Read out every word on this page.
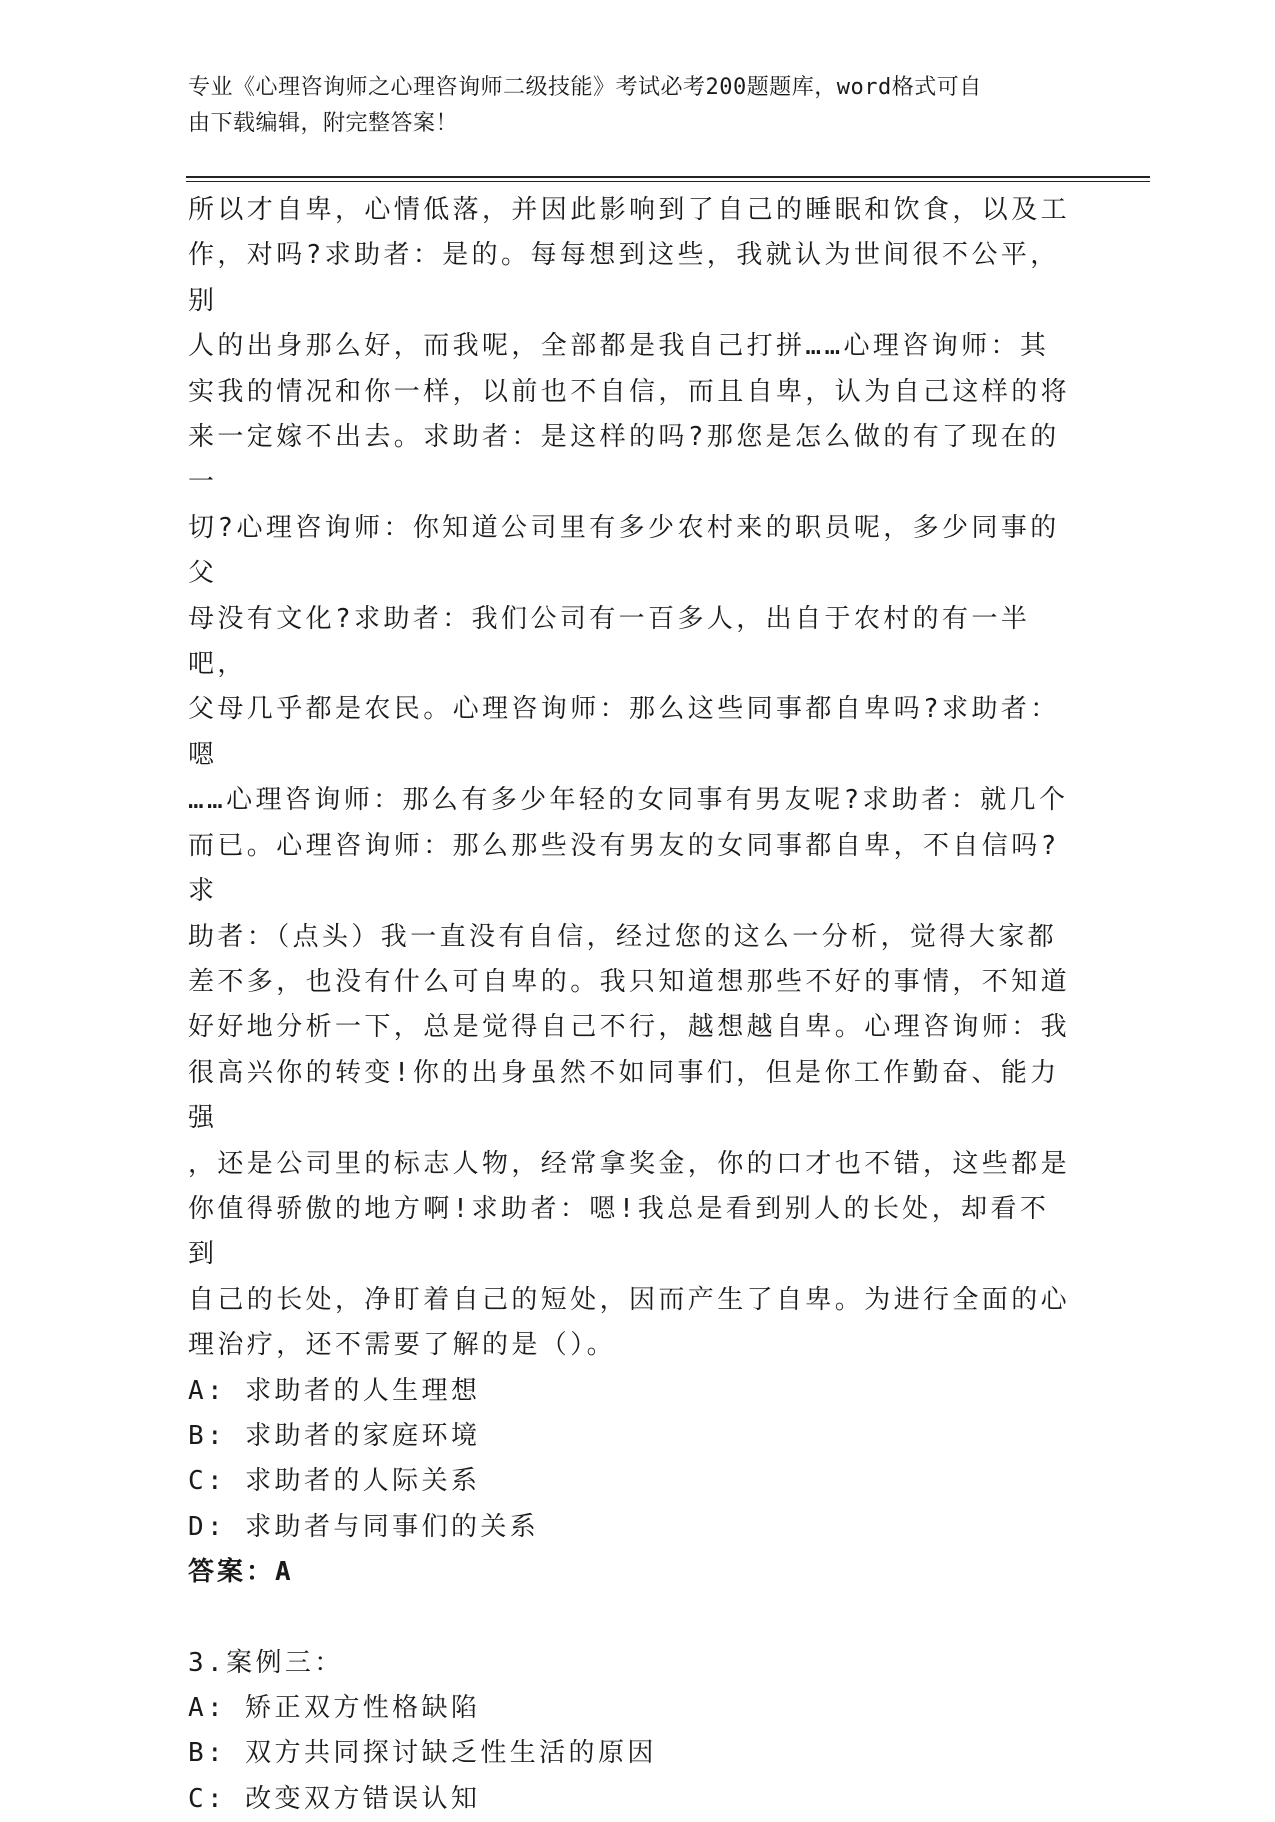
专业《心理咨询师之心理咨询师二级技能》考试必考200题题库，word格式可自
由下载编辑，附完整答案！

所以才自卑，心情低落，并因此影响到了自己的睡眠和饮食，以及工
作，对吗?求助者：是的。每每想到这些，我就认为世间很不公平，别
人的出身那么好，而我呢，全部都是我自己打拼……心理咨询师：其
实我的情况和你一样，以前也不自信，而且自卑，认为自己这样的将
来一定嫁不出去。求助者：是这样的吗?那您是怎么做的有了现在的一
切?心理咨询师：你知道公司里有多少农村来的职员呢，多少同事的父
母没有文化?求助者：我们公司有一百多人，出自于农村的有一半吧，
父母几乎都是农民。心理咨询师：那么这些同事都自卑吗?求助者：嗯
……心理咨询师：那么有多少年轻的女同事有男友呢?求助者：就几个
而已。心理咨询师：那么那些没有男友的女同事都自卑，不自信吗?求
助者：（点头）我一直没有自信，经过您的这么一分析，觉得大家都
差不多，也没有什么可自卑的。我只知道想那些不好的事情，不知道
好好地分析一下，总是觉得自己不行，越想越自卑。心理咨询师：我
很高兴你的转变!你的出身虽然不如同事们，但是你工作勤奋、能力强
，还是公司里的标志人物，经常拿奖金，你的口才也不错，这些都是
你值得骄傲的地方啊!求助者：嗯!我总是看到别人的长处，却看不到
自己的长处，净盯着自己的短处，因而产生了自卑。为进行全面的心
理治疗，还不需要了解的是（）。

A: 求助者的人生理想

B: 求助者的家庭环境

C: 求助者的人际关系

D: 求助者与同事们的关系

答案：A

3.案例三：

A: 矫正双方性格缺陷

B: 双方共同探讨缺乏性生活的原因

C: 改变双方错误认知
